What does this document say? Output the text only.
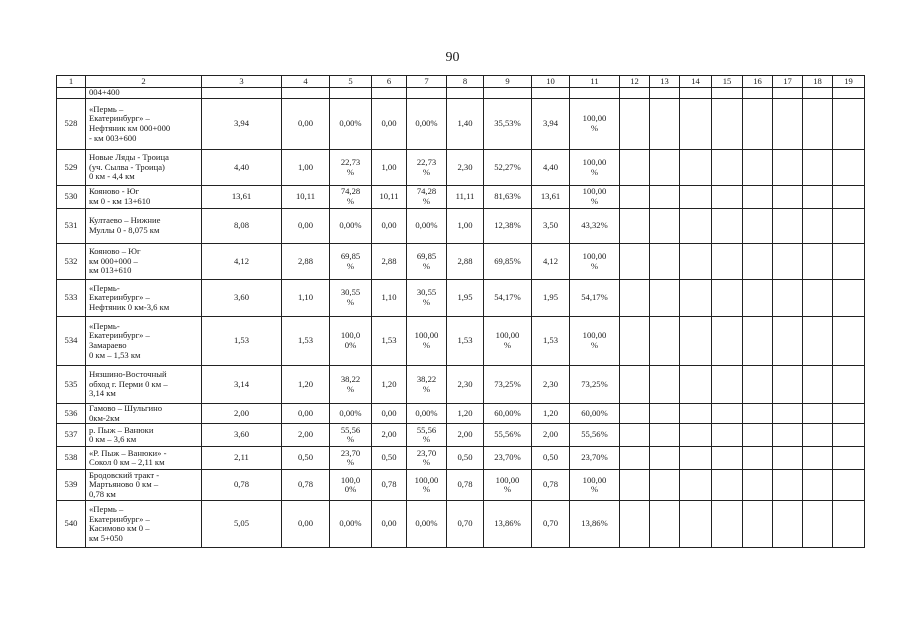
90
1	2	3	4	5	6	7	8	9	10	11	12	13	14	15	16	17	18	19
	004+400																	
528	«Пермь –
Екатеринбург» –
Нефтяник км 000+000
- км 003+600	3,94	0,00	0,00%	0,00	0,00%	1,40	35,53%	3,94	100,00
%								
529	Новые Ляды - Троица
(уч. Сылва - Троица)
0 км - 4,4 км	4,40	1,00	22,73
%	1,00	22,73
%	2,30	52,27%	4,40	100,00
%								
530	Кояново - Юг
км 0 - км 13+610	13,61	10,11	74,28
%	10,11	74,28
%	11,11	81,63%	13,61	100,00
%								
531	Култаево – Нижние
Муллы 0 - 8,075 км	8,08	0,00	0,00%	0,00	0,00%	1,00	12,38%	3,50	43,32%								
532	Кояново – Юг
км 000+000 –
км 013+610	4,12	2,88	69,85
%	2,88	69,85
%	2,88	69,85%	4,12	100,00
%								
533	«Пермь-
Екатеринбург» –
Нефтяник 0 км-3,6 км	3,60	1,10	30,55
%	1,10	30,55
%	1,95	54,17%	1,95	54,17%								
534	«Пермь-
Екатеринбург» –
Замараево
0 км – 1,53 км	1,53	1,53	100,0
0%	1,53	100,00
%	1,53	100,00
%	1,53	100,00
%								
535	Нязшино-Восточный
обход г. Перми 0 км –
3,14 км	3,14	1,20	38,22
%	1,20	38,22
%	2,30	73,25%	2,30	73,25%								
536	Гамово – Шульгино
0км-2км	2,00	0,00	0,00%	0,00	0,00%	1,20	60,00%	1,20	60,00%								
537	р. Пыж – Ванюки
0 км – 3,6 км	3,60	2,00	55,56
%	2,00	55,56
%	2,00	55,56%	2,00	55,56%								
538	«Р. Пыж – Ванюки» -
Сокол 0 км – 2,11 км	2,11	0,50	23,70
%	0,50	23,70
%	0,50	23,70%	0,50	23,70%								
539	Бродовский тракт -
Мартьяново 0 км –
0,78 км	0,78	0,78	100,0
0%	0,78	100,00
%	0,78	100,00
%	0,78	100,00
%								
540	«Пермь –
Екатеринбург» –
Касимово км 0 –
км 5+050	5,05	0,00	0,00%	0,00	0,00%	0,70	13,86%	0,70	13,86%								
